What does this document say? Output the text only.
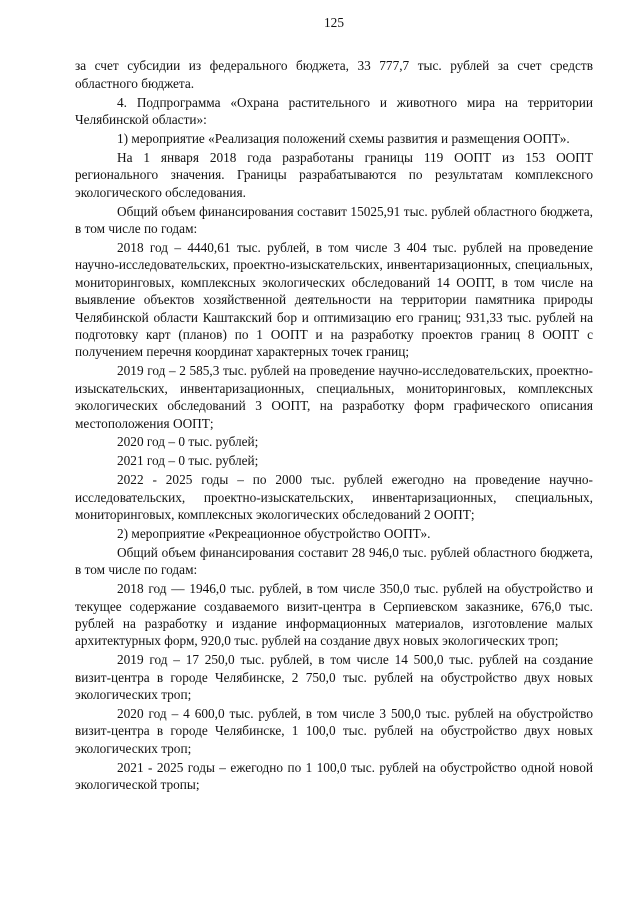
125

за счет субсидии из федерального бюджета, 33 777,7 тыс. рублей за счет средств областного бюджета.

4. Подпрограмма «Охрана растительного и животного мира на территории Челябинской области»:

1) мероприятие «Реализация положений схемы развития и размещения ООПТ».

На 1 января 2018 года разработаны границы 119 ООПТ из 153 ООПТ регионального значения. Границы разрабатываются по результатам комплексного экологического обследования.

Общий объем финансирования составит 15025,91 тыс. рублей областного бюджета, в том числе по годам:

2018 год – 4440,61 тыс. рублей, в том числе 3 404 тыс. рублей на проведение научно-исследовательских, проектно-изыскательских, инвентаризационных, специальных, мониторинговых, комплексных экологических обследований 14 ООПТ, в том числе на выявление объектов хозяйственной деятельности на территории памятника природы Челябинской области Каштакский бор и оптимизацию его границ; 931,33 тыс. рублей на подготовку карт (планов) по 1 ООПТ и на разработку проектов границ 8 ООПТ с получением перечня координат характерных точек границ;

2019 год – 2 585,3 тыс. рублей на проведение научно-исследовательских, проектно-изыскательских, инвентаризационных, специальных, мониторинговых, комплексных экологических обследований 3 ООПТ, на разработку форм графического описания местоположения ООПТ;

2020 год – 0 тыс. рублей;

2021 год – 0 тыс. рублей;

2022 - 2025 годы – по 2000 тыс. рублей ежегодно на проведение научно-исследовательских, проектно-изыскательских, инвентаризационных, специальных, мониторинговых, комплексных экологических обследований 2 ООПТ;

2) мероприятие «Рекреационное обустройство ООПТ».

Общий объем финансирования составит 28 946,0 тыс. рублей областного бюджета, в том числе по годам:

2018 год — 1946,0 тыс. рублей, в том числе 350,0 тыс. рублей на обустройство и текущее содержание создаваемого визит-центра в Серпиевском заказнике, 676,0 тыс. рублей на разработку и издание информационных материалов, изготовление малых архитектурных форм, 920,0 тыс. рублей на создание двух новых экологических троп;

2019 год – 17 250,0 тыс. рублей, в том числе 14 500,0 тыс. рублей на создание визит-центра в городе Челябинске, 2 750,0 тыс. рублей на обустройство двух новых экологических троп;

2020 год – 4 600,0 тыс. рублей, в том числе 3 500,0 тыс. рублей на обустройство визит-центра в городе Челябинске, 1 100,0 тыс. рублей на обустройство двух новых экологических троп;

2021 - 2025 годы – ежегодно по 1 100,0 тыс. рублей на обустройство одной новой экологической тропы;
